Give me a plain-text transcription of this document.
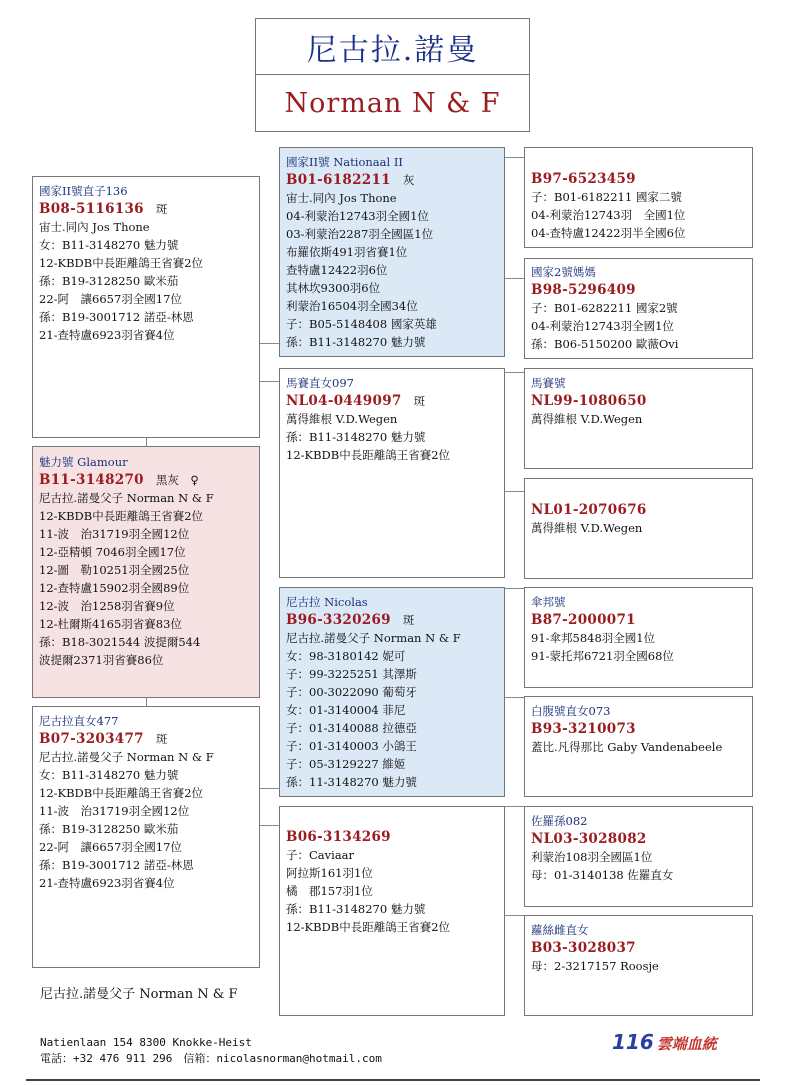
尼古拉.諾曼
Norman N & F
國家II號直子136
B08-5116136 斑
宙士.同內 Jos Thone
女：B11-3148270 魅力號
12-KBDB中長距離鴿王省賽2位
孫：B19-3128250 歐米茄
22-阿　讓6657羽全國17位
孫：B19-3001712 諾亞-林恩
21-查特盧6923羽省賽4位
魅力號 Glamour
B11-3148270 黑灰　♀
尼古拉.諾曼父子 Norman N & F
12-KBDB中長距離鴿王省賽2位
11-波　治31719羽全國12位
12-亞精頓 7046羽全國17位
12-圖　勒10251羽全國25位
12-查特盧15902羽全國89位
12-波　治1258羽省賽9位
12-杜爾斯4165羽省賽83位
孫：B18-3021544 波提爾544
波提爾2371羽省賽86位
尼古拉直女477
B07-3203477 斑
尼古拉.諾曼父子 Norman N & F
女：B11-3148270 魅力號
12-KBDB中長距離鴿王省賽2位
11-波　治31719羽全國12位
孫：B19-3128250 歐米茄
22-阿　讓6657羽全國17位
孫：B19-3001712 諾亞-林恩
21-查特盧6923羽省賽4位
國家II號 Nationaal II
B01-6182211 灰
宙士.同內 Jos Thone
04-利蒙治12743羽全國1位
03-利蒙治2287羽全國區1位
布羅依斯491羽省賽1位
查特盧12422羽6位
其林坎9300羽6位
利蒙治16504羽全國34位
子：B05-5148408 國家英雄
孫：B11-3148270 魅力號
馬賽直女097
NL04-0449097 斑
萬得維根 V.D.Wegen
孫：B11-3148270 魅力號
12-KBDB中長距離鴿王省賽2位
尼古拉 Nicolas
B96-3320269 斑
尼古拉.諾曼父子 Norman N & F
女：98-3180142 妮可
子：99-3225251 其澤斯
子：00-3022090 葡萄牙
女：01-3140004 菲尼
子：01-3140088 拉德亞
子：01-3140003 小鴿王
子：05-3129227 維姬
孫：11-3148270 魅力號
B06-3134269
子：Caviaar
阿拉斯161羽1位
橘　郡157羽1位
孫：B11-3148270 魅力號
12-KBDB中長距離鴿王省賽2位
B97-6523459
子：B01-6182211 國家二號
04-利蒙治12743羽　全國1位
04-查特盧12422羽半全國6位
國家2號媽媽
B98-5296409
子：B01-6282211 國家2號
04-利蒙治12743羽全國1位
孫：B06-5150200 歐薇Ovi
馬賽號
NL99-1080650
萬得維根 V.D.Wegen
NL01-2070676
萬得維根 V.D.Wegen
傘邦號
B87-2000071
91-傘邦5848羽全國1位
91-蒙托邦6721羽全國68位
白腹號直女073
B93-3210073
蓋比.凡得那比 Gaby Vandenabeele
佐羅孫082
NL03-3028082
利蒙治108羽全國區1位
母：01-3140138 佐羅直女
蘿絲雌直女
B03-3028037
母：2-3217157 Roosje
尼古拉.諾曼父子 Norman N & F
Natienlaan 154 8300 Knokke-Heist
電話：+32 476 911 296　信箱：nicolasnorman@hotmail.com
116 雲端血統
